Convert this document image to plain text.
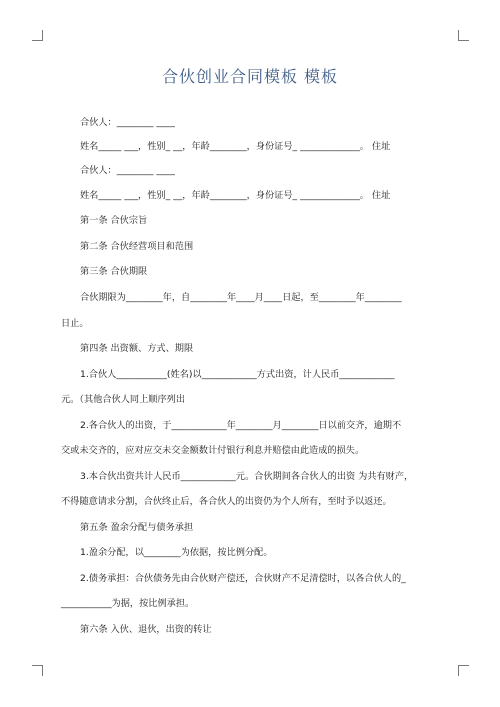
合伙创业合同模板 模板
合伙人：________ ____
姓名_____ ___，性别_ __，年龄________，身份证号_ _____________。 住址
合伙人：________ ____
姓名_____ ___，性别_ __，年龄________，身份证号_ _____________。 住址
第一条 合伙宗旨
第二条 合伙经营项目和范围
第三条 合伙期限
合伙期限为________年，自________年____月____日起，至________年________
日止。
第四条 出资额、方式、期限
1.合伙人___________(姓名)以____________方式出资，计人民币____________
元。（其他合伙人同上顺序列出
2.各合伙人的出资，于____________年________月________日以前交齐，逾期不
交或未交齐的，应对应交未交金额数计付银行利息并赔偿由此造成的损失。
3.本合伙出资共计人民币____________元。合伙期间各合伙人的出资 为共有财产，
不得随意请求分割，合伙终止后，各合伙人的出资仍为个人所有，至时予以返还。
第五条 盈余分配与债务承担
1.盈余分配，以________为依据，按比例分配。
2.债务承担：合伙债务先由合伙财产偿还，合伙财产不足清偿时，以各合伙人的_
___________为据，按比例承担。
第六条 入伙、退伙，出资的转让
